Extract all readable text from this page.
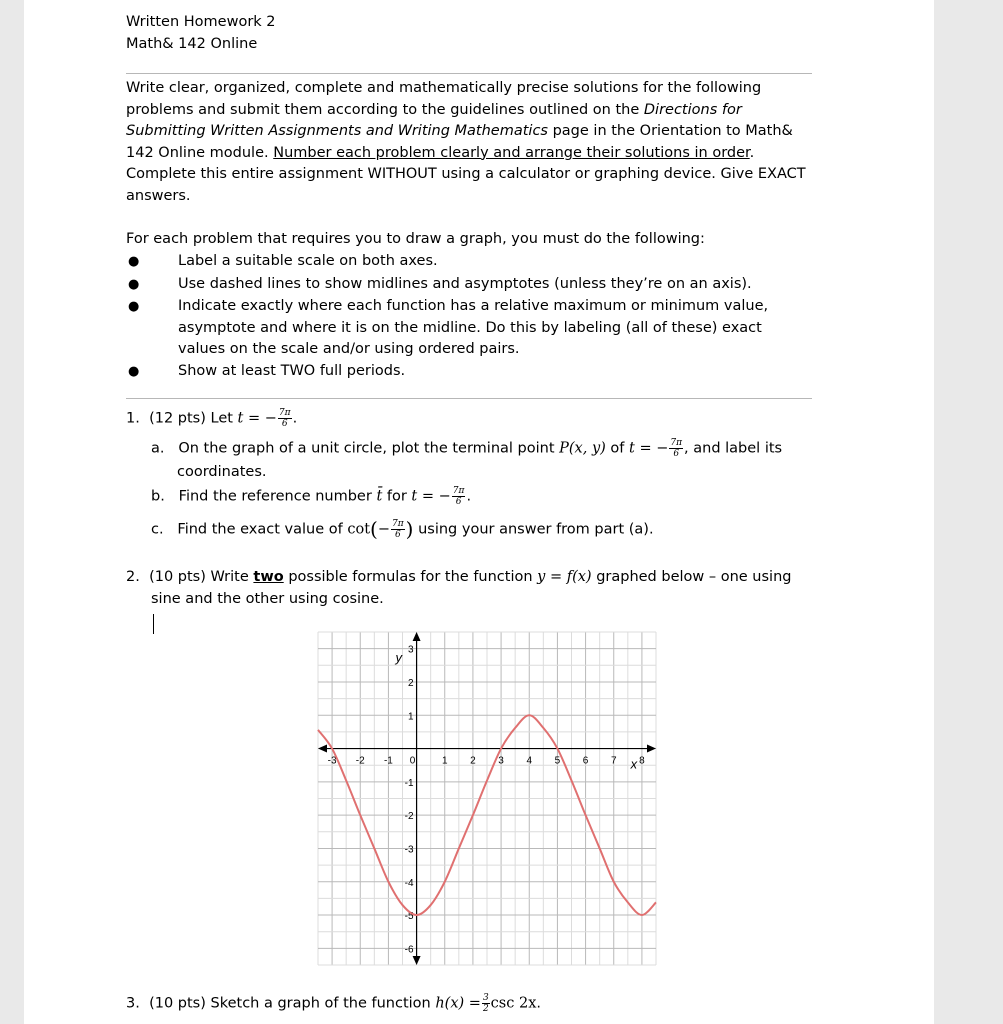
Written Homework 2
Math& 142 Online
Write clear, organized, complete and mathematically precise solutions for the following problems and submit them according to the guidelines outlined on the Directions for Submitting Written Assignments and Writing Mathematics page in the Orientation to Math& 142 Online module. Number each problem clearly and arrange their solutions in order. Complete this entire assignment WITHOUT using a calculator or graphing device. Give EXACT answers.
For each problem that requires you to draw a graph, you must do the following:
●	Label a suitable scale on both axes.
●	Use dashed lines to show midlines and asymptotes (unless they’re on an axis).
●	Indicate exactly where each function has a relative maximum or minimum value, asymptote and where it is on the midline. Do this by labeling (all of these) exact values on the scale and/or using ordered pairs.
●	Show at least TWO full periods.
1. (12 pts) Let t = − $\frac{7\pi}{6}$ .
a. On the graph of a unit circle, plot the terminal point P(x, y) of t = − $\frac{7\pi}{6}$ , and label its
coordinates.
b. Find the reference number t̄ for t = − $\frac{7\pi}{6}$ .
c. Find the exact value of $\cot(- \frac{7\pi}{6}$ ) using your answer from part (a).
2. (10 pts) Write two possible formulas for the function y = f(x) graphed below – one using
sine and the other using cosine.
-3 -2 -1 0	1 2 3 4 5 6 7 8
3
2
1
-1
-2
-3
-4
-5
-6
x
y
3. (10 pts) Sketch a graph of the function $h(x) = \frac{3}{2}$ csc 2x.
